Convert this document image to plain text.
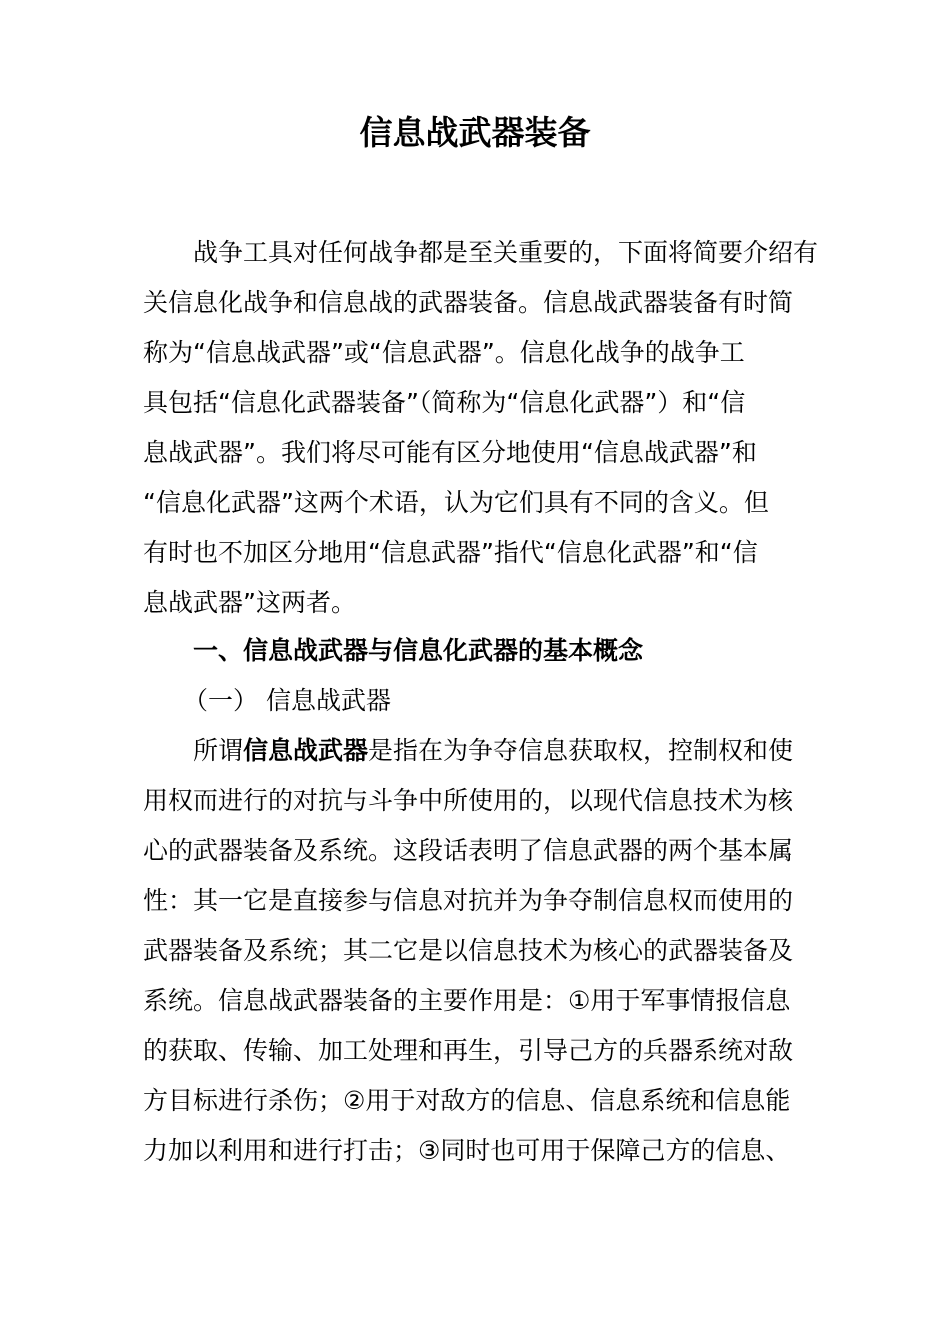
信息战武器装备

战争工具对任何战争都是至关重要的，下面将简要介绍有

关信息化战争和信息战的武器装备。信息战武器装备有时简

称为“信息战武器”或“信息武器”。信息化战争的战争工

具包括“信息化武器装备”（简称为“信息化武器”）和“信

息战武器”。我们将尽可能有区分地使用“信息战武器”和

“信息化武器”这两个术语，认为它们具有不同的含义。但

有时也不加区分地用“信息武器”指代“信息化武器”和“信

息战武器”这两者。

一、信息战武器与信息化武器的基本概念

（一） 信息战武器

所谓信息战武器是指在为争夺信息获取权，控制权和使

用权而进行的对抗与斗争中所使用的，以现代信息技术为核

心的武器装备及系统。这段话表明了信息武器的两个基本属

性：其一它是直接参与信息对抗并为争夺制信息权而使用的

武器装备及系统；其二它是以信息技术为核心的武器装备及

系统。信息战武器装备的主要作用是：①用于军事情报信息

的获取、传输、加工处理和再生，引导己方的兵器系统对敌

方目标进行杀伤；②用于对敌方的信息、信息系统和信息能

力加以利用和进行打击；③同时也可用于保障己方的信息、
